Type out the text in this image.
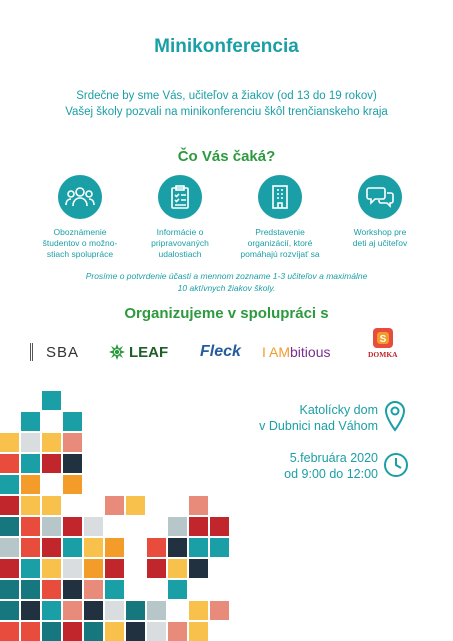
Minikonferencia
Srdečne by sme Vás, učiteľov a žiakov (od 13 do 19 rokov)
Vašej školy pozvali na minikonferenciu škôl trenčianskeho kraja
Čo Vás čaká?
Oboznámenie
študentov o možno-
stiach spolupráce
Informácie o
pripravovaných
udalostiach
Predstavenie
organizácií, ktoré
pomáhajú rozvíjať sa
Workshop pre
deti aj učiteľov
Prosíme o potvrdenie účasti a mennom zozname 1-3 učiteľov a maximálne
10 aktívnych žiakov školy.
Organizujeme v spolupráci s
SBA	LEAF Fleck I AM bitious
S
DOMKA
Katolícky dom
v Dubnici nad Váhom
5.februára 2020
od 9:00 do 12:00
